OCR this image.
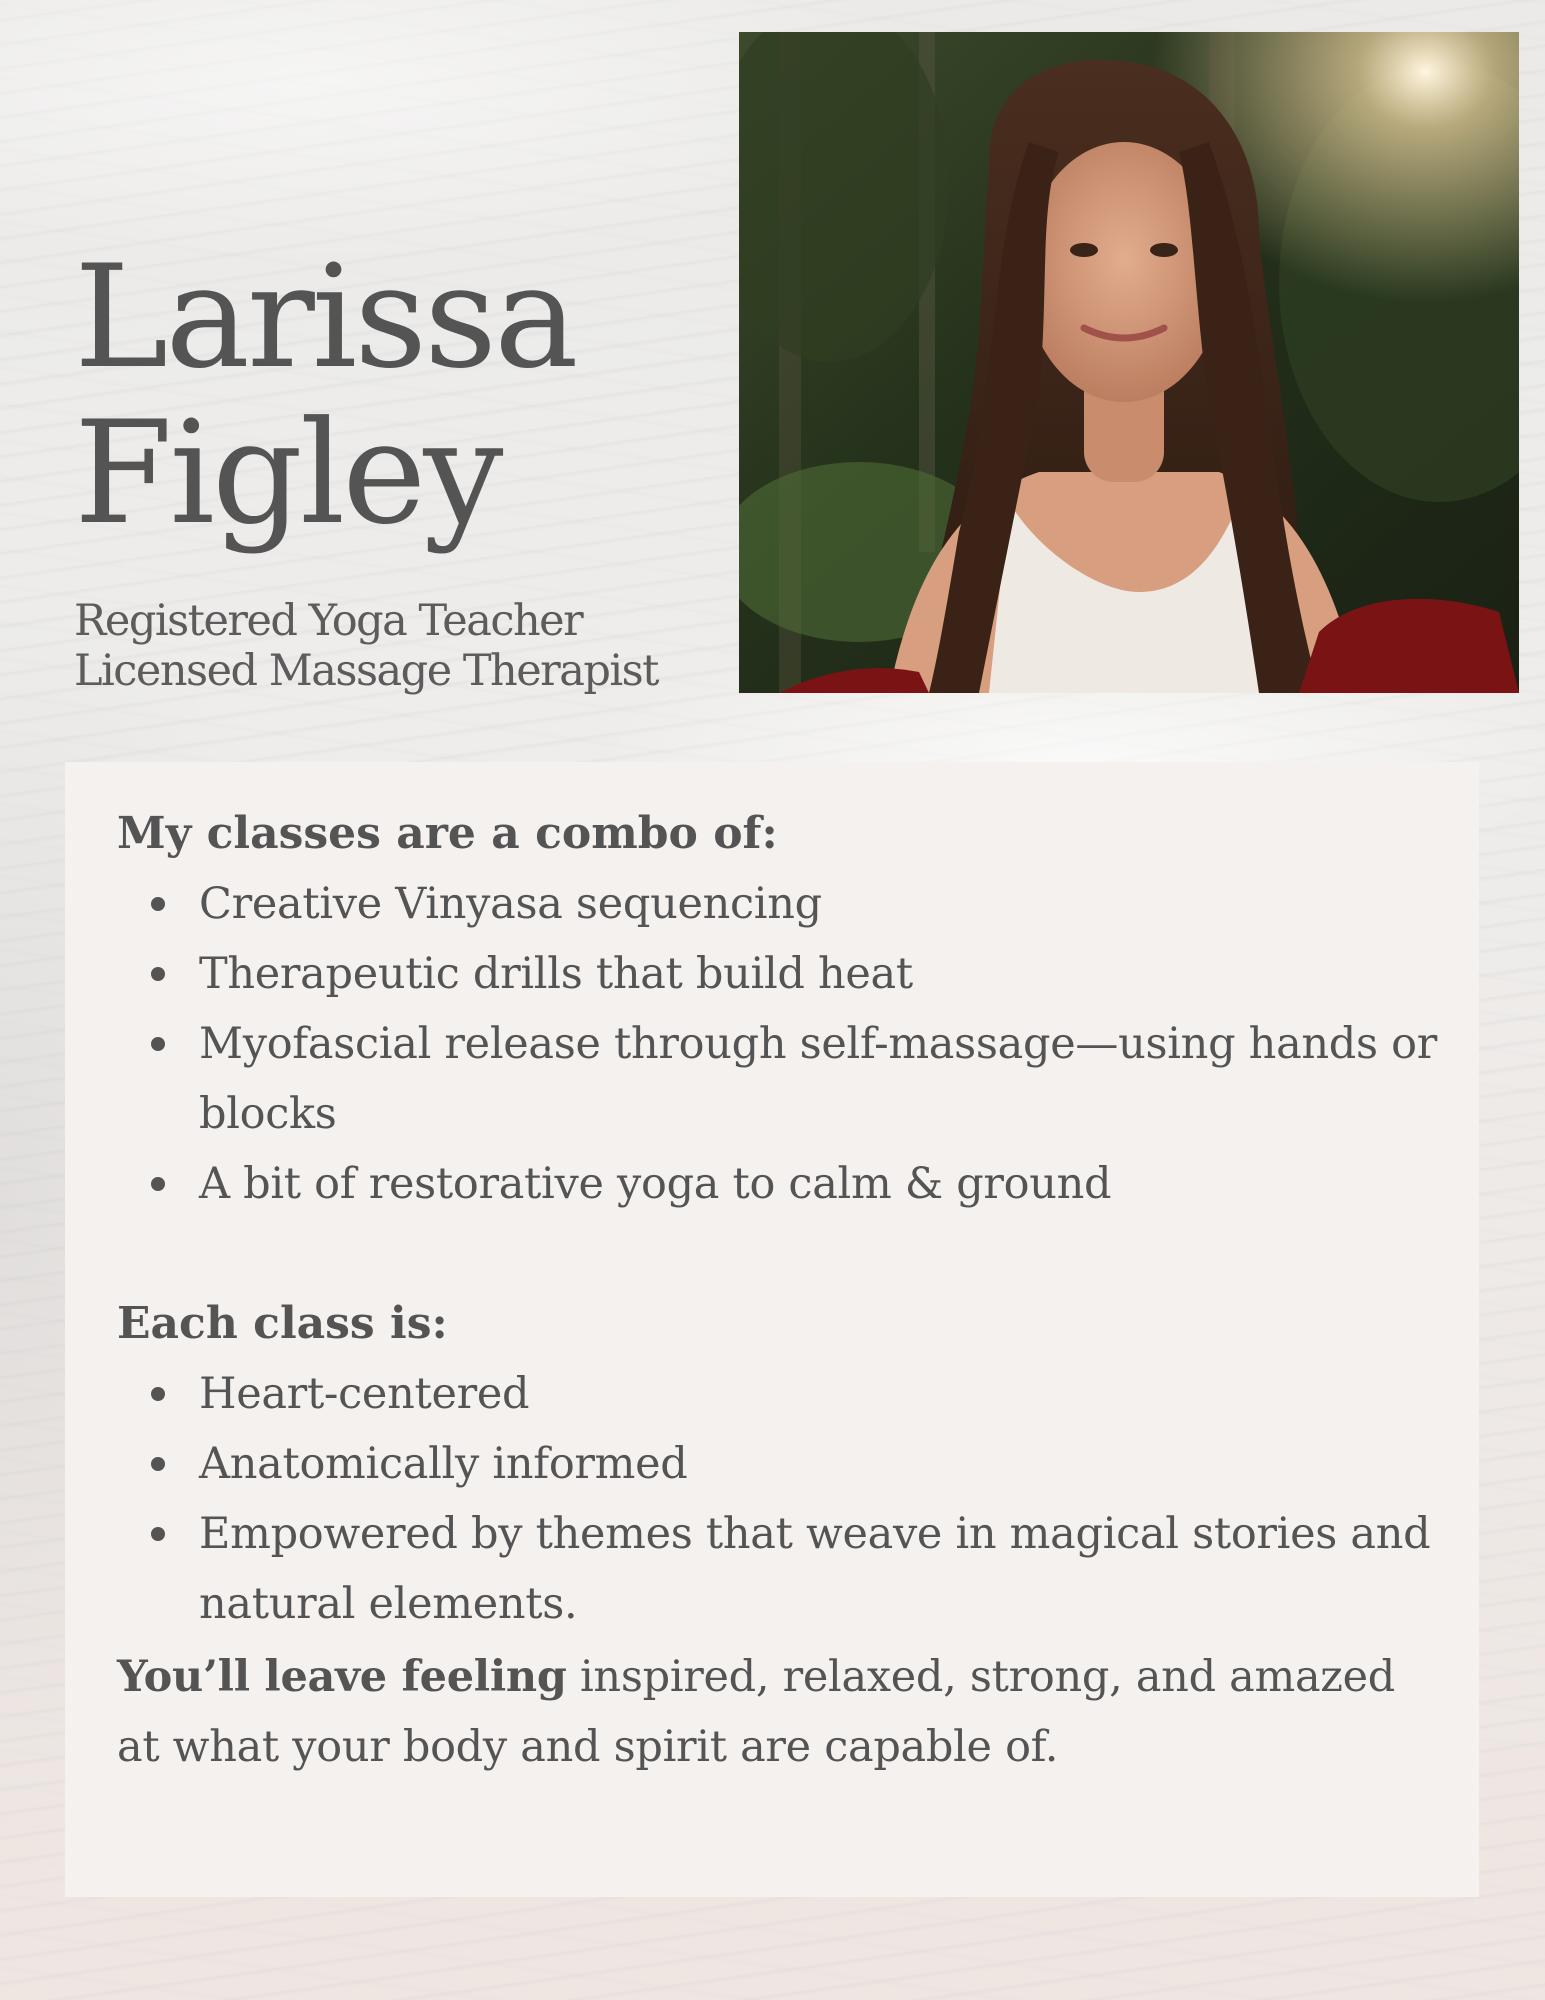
Larissa
Figley
Registered Yoga Teacher
Licensed Massage Therapist
My classes are a combo of:
Creative Vinyasa sequencing
Therapeutic drills that build heat
Myofascial release through self-massage—using hands or blocks
A bit of restorative yoga to calm & ground
Each class is:
Heart-centered
Anatomically informed
Empowered by themes that weave in magical stories and natural elements.
You’ll leave feeling inspired, relaxed, strong, and amazed at what your body and spirit are capable of.
